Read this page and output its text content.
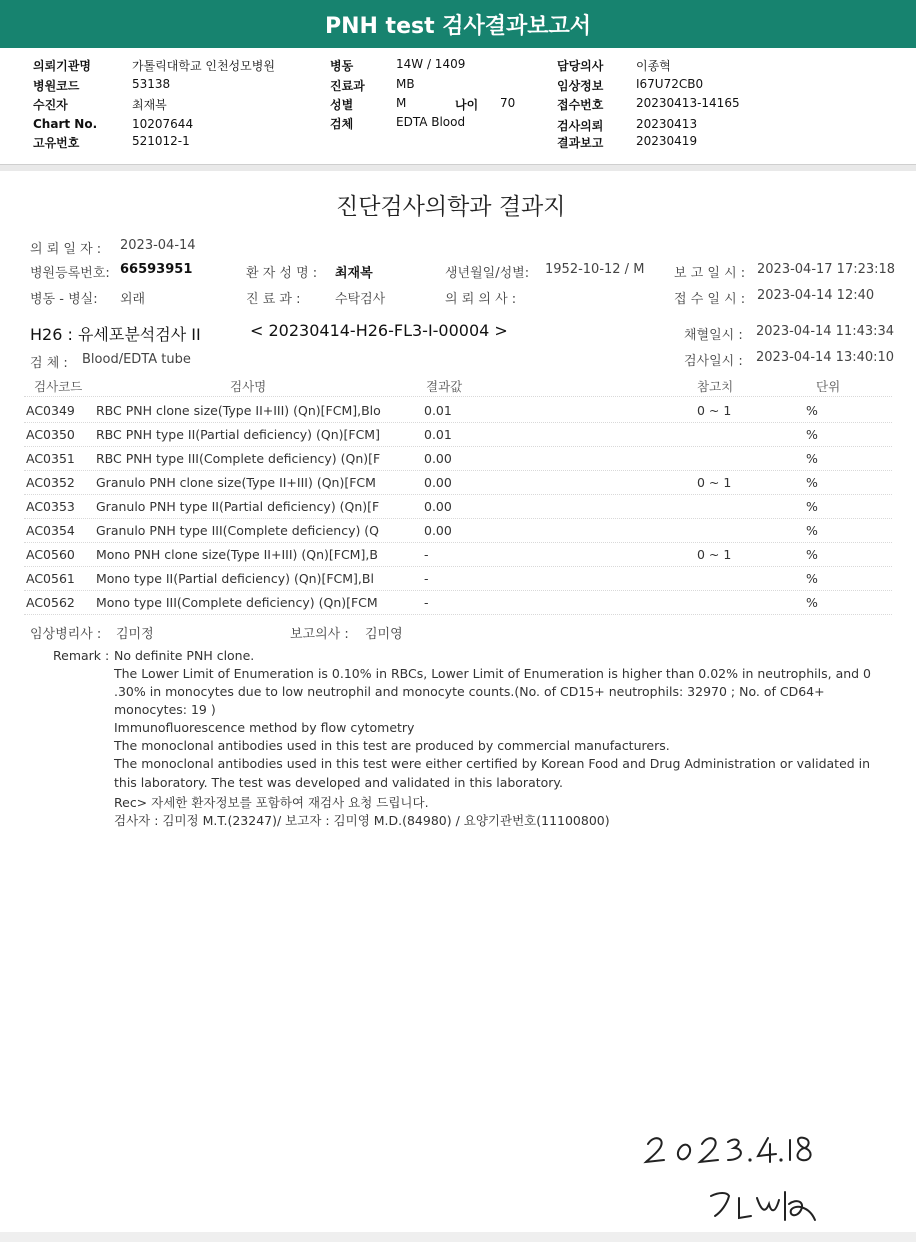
PNH test 검사결과보고서
의뢰기관명	가톨릭대학교 인천성모병원
병원코드	53138
수진자	최재복
Chart No.	10207644
고유번호	521012-1
병동	14W / 1409
진료과	MB
성별	M	나이 70
검체	EDTA Blood
담당의사	이종혁
임상정보	I67U72CB0
접수번호	20230413-14165
검사의뢰	20230413
결과보고	20230419
진단검사의학과 결과지
의 뢰 일 자 : 2023-04-14
병원등록번호: 66593951	환 자 성 명 : 최재복	생년월일/성별: 1952-10-12 / M 보 고 일 시 : 2023-04-17 17:23:18
병동 - 병실: 외래	진 료 과 :	수탁검사	의 뢰 의 사 :	접 수 일 시 : 2023-04-14 12:40
H26 : 유세포분석검사 II	< 20230414-H26-FL3-I-00004 >	채혈일시 : 2023-04-14 11:43:34
검 체 : Blood/EDTA tube	검사일시 : 2023-04-14 13:40:10
검사코드	검사명	결과값	참고치	단위
AC0349 RBC PNH clone size(Type II+III) (Qn)[FCM],Blo	0.01	0 ~ 1	%
AC0350 RBC PNH type II(Partial deficiency) (Qn)[FCM]	0.01	%
AC0351 RBC PNH type III(Complete deficiency) (Qn)[F	0.00	%
AC0352 Granulo PNH clone size(Type II+III) (Qn)[FCM	0.00	0 ~ 1	%
AC0353 Granulo PNH type II(Partial deficiency) (Qn)[F	0.00	%
AC0354 Granulo PNH type III(Complete deficiency) (Q	0.00	%
AC0560 Mono PNH clone size(Type II+III) (Qn)[FCM],B	-	0 ~ 1	%
AC0561 Mono type II(Partial deficiency) (Qn)[FCM],Bl	-	%
AC0562 Mono type III(Complete deficiency) (Qn)[FCM	-	%
임상병리사 : 김미정	보고의사 : 김미영
Remark : No definite PNH clone.
The Lower Limit of Enumeration is 0.10% in RBCs, Lower Limit of Enumeration is higher than 0.02% in neutrophils, and 0
.30% in monocytes due to low neutrophil and monocyte counts.(No. of CD15+ neutrophils: 32970 ; No. of CD64+
monocytes: 19 )
Immunofluorescence method by flow cytometry
The monoclonal antibodies used in this test are produced by commercial manufacturers.
The monoclonal antibodies used in this test were either certified by Korean Food and Drug Administration or validated in
this laboratory. The test was developed and validated in this laboratory.
Rec> 자세한 환자정보를 포함하여 재검사 요청 드립니다.
검사자 : 김미정 M.T.(23247)/ 보고자 : 김미영 M.D.(84980) / 요양기관번호(11100800)
